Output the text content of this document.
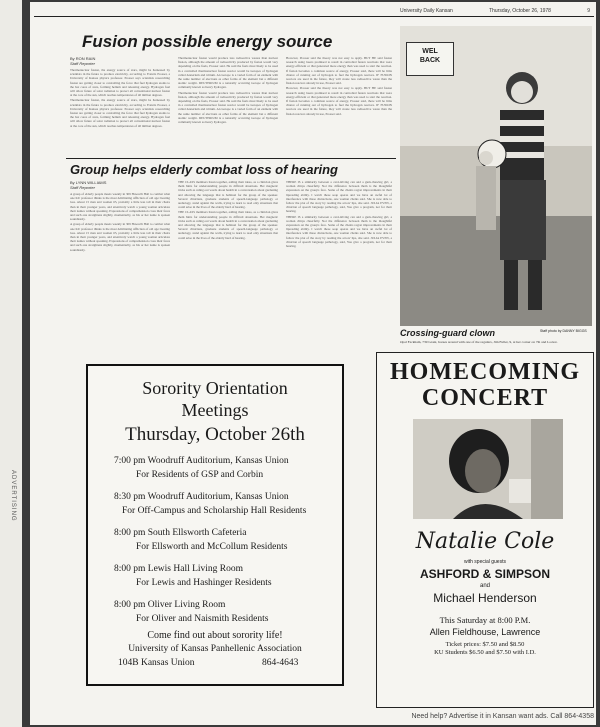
ADVERTISING
University Daily Kansan	Thursday, October 26, 1978	9
Fusion possible energy source
By RON RAIN
Staff Reporter

Thermonuclear fusion, the energy source of stars, might be harnessed by scientists in the future to produce electricity, according to Francis Prosser, a University of Kansas physics professor. Prosser says scientists researching fusion are getting closer to controlling the force that fuel hydrogen atoms to the hot cores of stars, forming helium and releasing energy. Hydrogen fuel will allow future of solar radiation to protect all conventional nuclear fusion at the core of the sun, which reaches temperatures of 40 million degrees.

Thermonuclear fusion, the energy source of stars, might be harnessed by scientists in the future to produce electricity, according to Francis Prosser, a University of Kansas physics professor. Prosser says scientists researching fusion are getting closer to controlling the force that fuel hydrogen atoms to the hot cores of stars, forming helium and releasing energy. Hydrogen fuel will allow future of solar radiation to protect all conventional nuclear fusion at the core of the sun, which reaches temperatures of 40 million degrees.

Thermonuclear fusion would produce less radioactive wastes than nuclear fission, although the amount of radioactivity produced by fusion would vary depending on the fuels, Prosser said. He said the fuels most likely to be used in a controlled thermonuclear fusion reactor would be isotopes of hydrogen called deuterium and tritium. An isotope is a varied form of an element with the same number of electrons as other forms of the element but a different atomic weight. DEUTERIUM is a naturally occurring isotope of hydrogen commonly known as heavy hydrogen.

Thermonuclear fusion would produce less radioactive wastes than nuclear fission, although the amount of radioactivity produced by fusion would vary depending on the fuels, Prosser said. He said the fuels most likely to be used in a controlled thermonuclear fusion reactor would be isotopes of hydrogen called deuterium and tritium. An isotope is a varied form of an element with the same number of electrons as other forms of the element but a different atomic weight. DEUTERIUM is a naturally occurring isotope of hydrogen commonly known as heavy hydrogen.

However, Prosser said the theory was not easy to apply. BUT HE said fusion research using lasers promised to result in controlled fusion reactions that were energy-efficient or that generated more energy than was used to start the reaction. If fusion becomes a common source of energy, Prosser said, there will be little chance of running out of hydrogen to fuel the hydrogen reactors. IF FUSION reactors are used in the future, they will create less radioactive waste than the fission reactors already in use, Prosser said.

However, Prosser said the theory was not easy to apply. BUT HE said fusion research using lasers promised to result in controlled fusion reactions that were energy-efficient or that generated more energy than was used to start the reaction. If fusion becomes a common source of energy, Prosser said, there will be little chance of running out of hydrogen to fuel the hydrogen reactors. IF FUSION reactors are used in the future, they will create less radioactive waste than the fission reactors already in use, Prosser said.

Group helps elderly combat loss of hearing
By LYNN WILLIAMS
Staff Reporter

A group of elderly people meets weekly in 309 Haworth Hall to combat what one KU professor thinks is the most debilitating affliction of old age: hearing loss. About 15 men and women 65, probably a little less tall in their chairs than in their younger years, and attentively watch a young woman articulate their names without speaking. Expressions of comprehension cross their faces and such one straightens slightly, momentarily, as his or her name is spoken soundlessly.

A group of elderly people meets weekly in 309 Haworth Hall to combat what one KU professor thinks is the most debilitating affliction of old age: hearing loss. About 15 men and women 65, probably a little less tall in their chairs than in their younger years, and attentively watch a young woman articulate their names without speaking. Expressions of comprehension cross their faces and such one straightens slightly, momentarily, as his or her name is spoken soundlessly.

THE CLASS members listen together, adding their ideas, as a clinician gives them hints for understanding people in difficult situations. Her magnetic tricks such as ruling out words about health in a conversation about gardening and allowing the language that is habitual for the group of the speaker. Several clinicians, graduate students of speech-language pathology or audiology, stand against the walls, trying to learn to read only situations that could arise in the lives of the elderly hard of hearing.

THE CLASS members listen together, adding their ideas, as a clinician gives them hints for understanding people in difficult situations. Her magnetic tricks such as ruling out words about health in a conversation about gardening and allowing the language that is habitual for the group of the speaker. Several clinicians, graduate students of speech-language pathology or audiology, stand against the walls, trying to learn to read only situations that could arise in the lives of the elderly hard of hearing.

THERE IS a similarity between a card-driving can and a gum-chewing girl, a woman chirps cheerfully. Not the difference between them is the thoughtful expression on the group's face. Some of the clients regret improvements in their lipreading ability. I watch these soap operas and we have an awful lot of interference with these distractions, one woman clients said. She is now able to follow the plot of the story by reading the actors' lips, she said. JULIA EVEN, a clinician of speech language pathology, said, You give a program, not for their hearing.

THERE IS a similarity between a card-driving can and a gum-chewing girl, a woman chirps cheerfully. Not the difference between them is the thoughtful expression on the group's face. Some of the clients regret improvements in their lipreading ability. I watch these soap operas and we have an awful lot of interference with these distractions, one woman clients said. She is now able to follow the plot of the story by reading the actors' lips, she said. JULIA EVEN, a clinician of speech language pathology, said, You give a program, not for their hearing.

WEL
BACK
Crossing-guard clown	Staff photo by DANNY BIGGS
Opal Fackham, 739 Grant, horses around with one of the regulars, Jim Fuller, 9, at her corner on 7th and Locust.
Sorority Orientation
Meetings
Thursday, October 26th
7:00 pm Woodruff Auditorium, Kansas Union
For Residents of GSP and Corbin
8:30 pm Woodruff Auditorium, Kansas Union
For Off-Campus and Scholarship Hall Residents
8:00 pm South Ellsworth Cafeteria
For Ellsworth and McCollum Residents
8:00 pm Lewis Hall Living Room
For Lewis and Hashinger Residents
8:00 pm Oliver Living Room
For Oliver and Naismith Residents
Come find out about sorority life!
University of Kansas Panhellenic Association
104B Kansas Union	864-4643
HOMECOMING
CONCERT
Natalie Cole
with special guests
ASHFORD & SIMPSON
and
Michael Henderson
This Saturday at 8:00 P.M.
Allen Fieldhouse, Lawrence
Ticket prices: $7.50 and $8.50
KU Students $6.50 and $7.50 with I.D.
Need help? Advertise it in Kansan want ads. Call 864-4358
